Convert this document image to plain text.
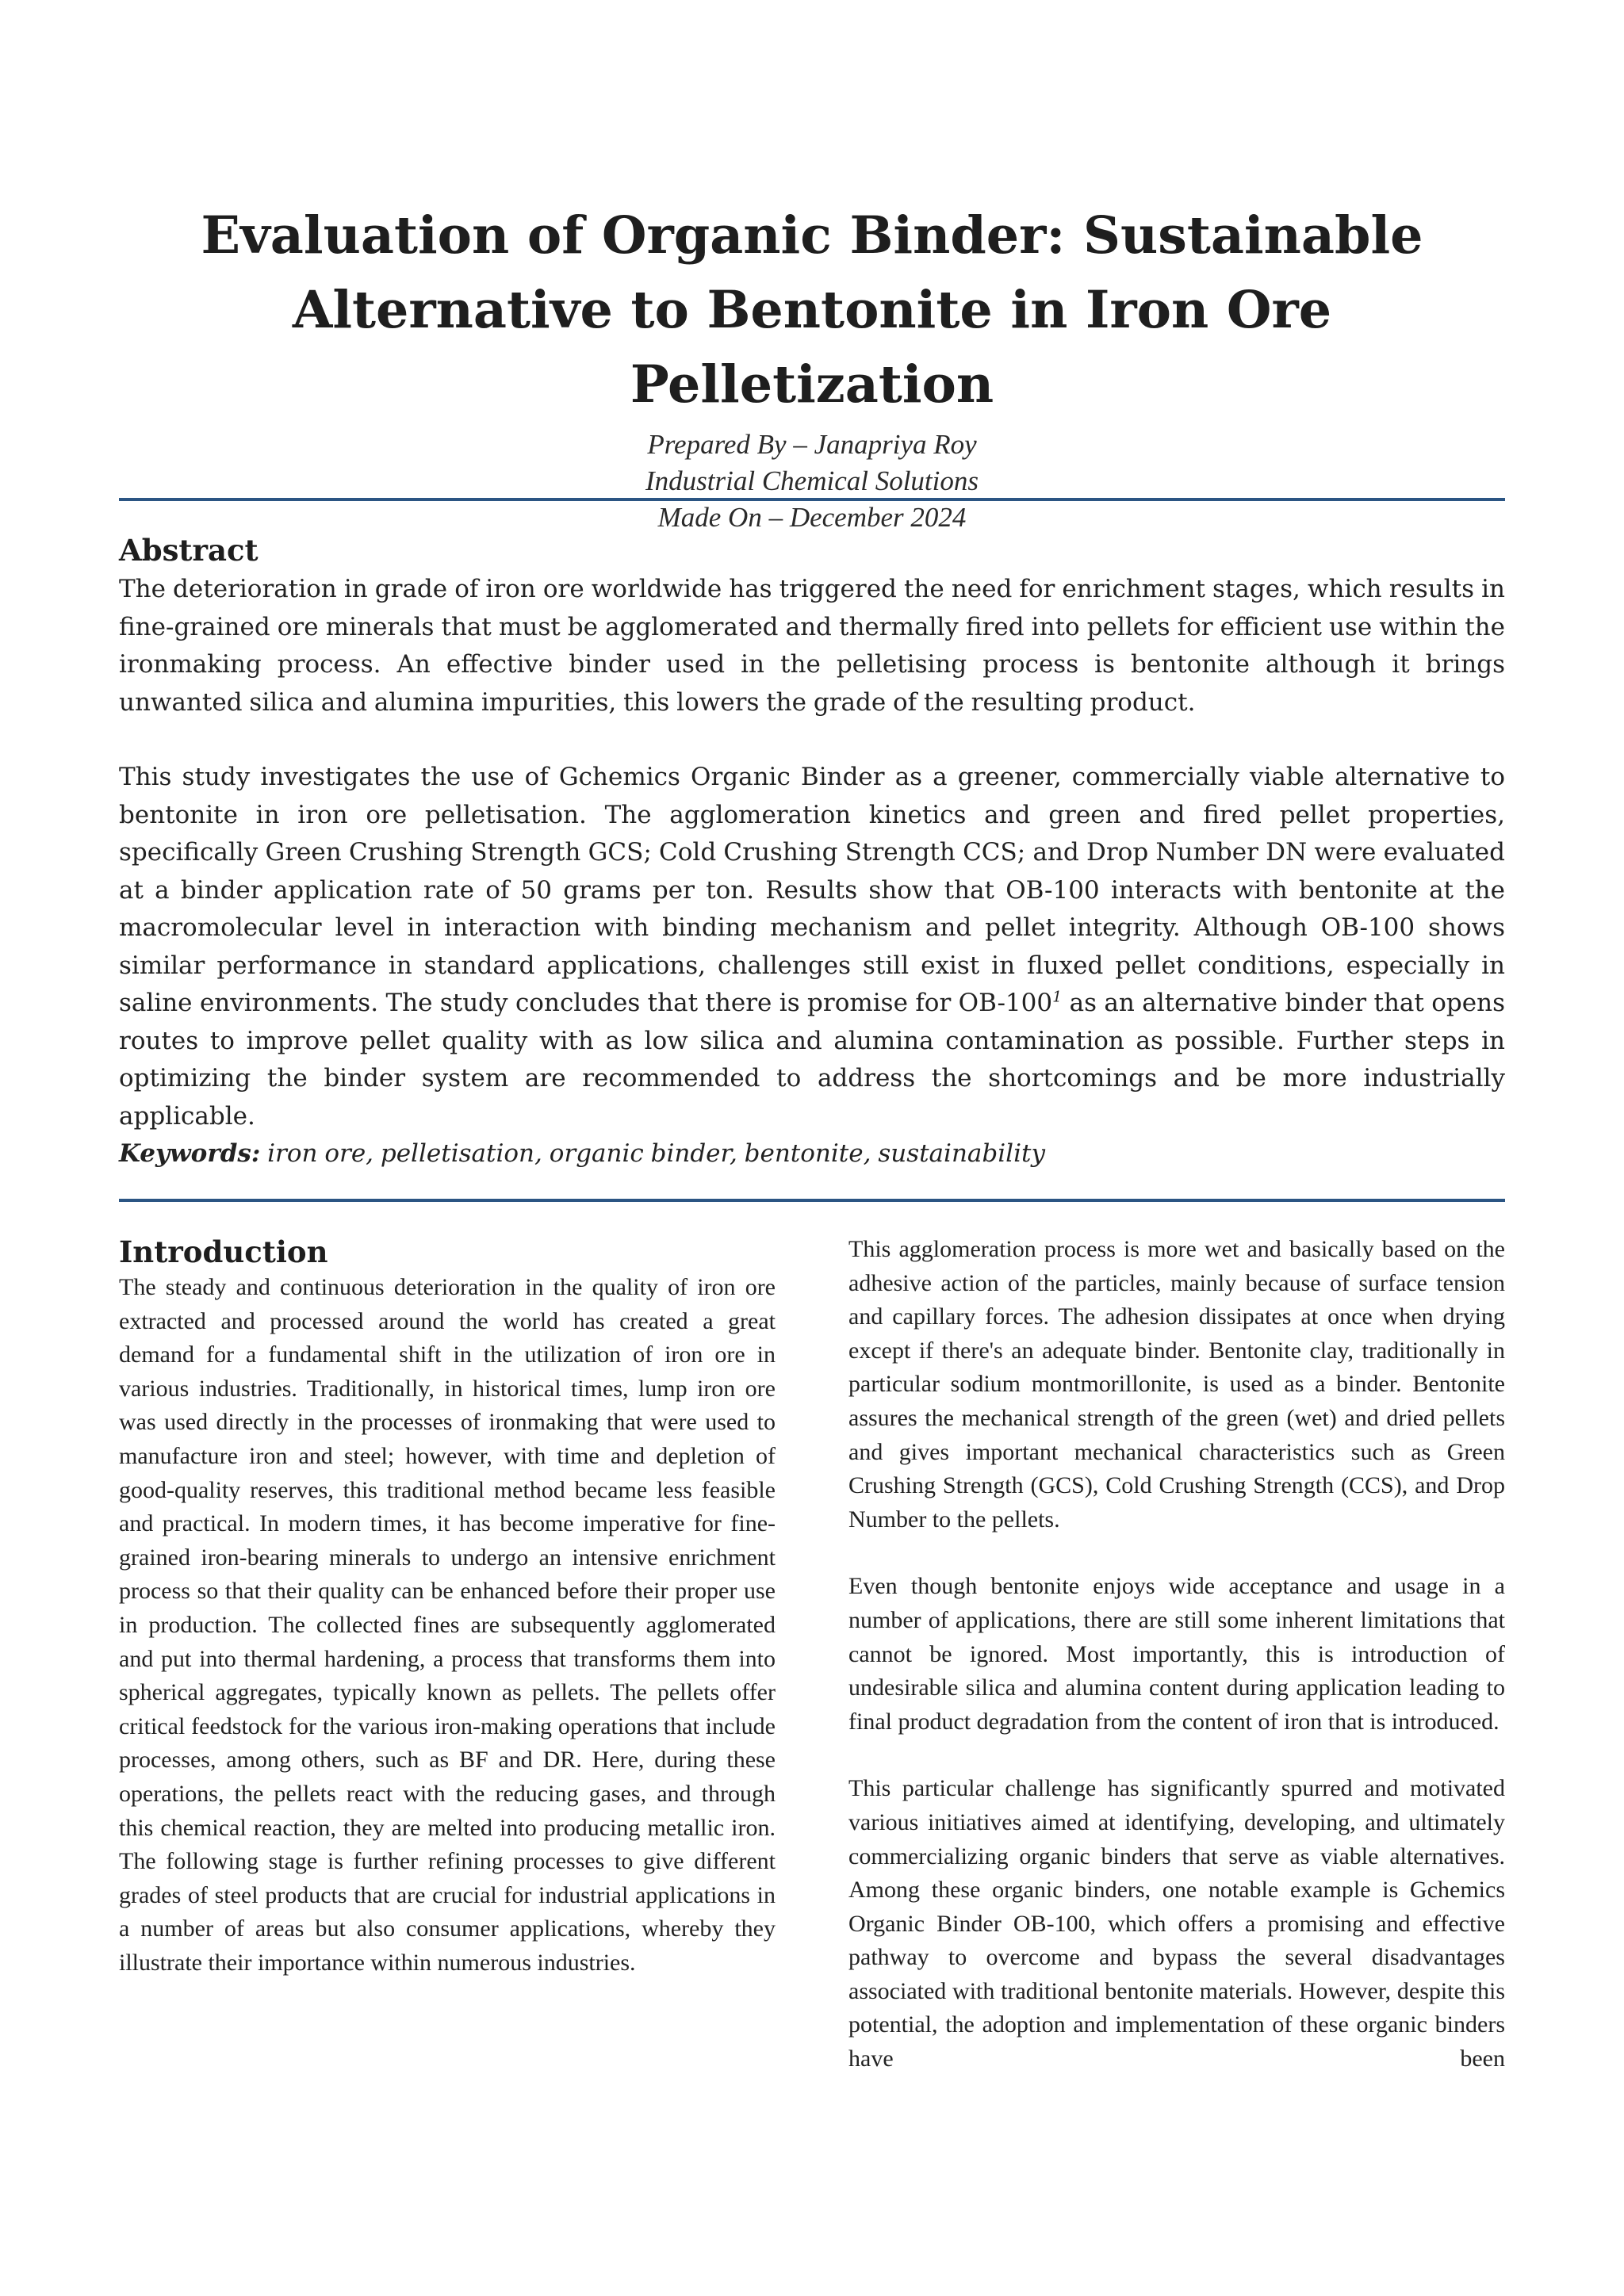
Evaluation of Organic Binder: Sustainable
Alternative to Bentonite in Iron Ore Pelletization

Prepared By – Janapriya Roy

Industrial Chemical Solutions

Made On – December 2024

Abstract

The deterioration in grade of iron ore worldwide has triggered the need for enrichment stages, which results in fine-grained ore minerals that must be agglomerated and thermally fired into pellets for efficient use within the ironmaking process. An effective binder used in the pelletising process is bentonite although it brings unwanted silica and alumina impurities, this lowers the grade of the resulting product.

This study investigates the use of Gchemics Organic Binder as a greener, commercially viable alternative to bentonite in iron ore pelletisation. The agglomeration kinetics and green and fired pellet properties, specifically Green Crushing Strength GCS; Cold Crushing Strength CCS; and Drop Number DN were evaluated at a binder application rate of 50 grams per ton. Results show that OB-100 interacts with bentonite at the macromolecular level in interaction with binding mechanism and pellet integrity. Although OB-100 shows similar performance in standard applications, challenges still exist in fluxed pellet conditions, especially in saline environments. The study concludes that there is promise for OB-100$^1$ as an alternative binder that opens routes to improve pellet quality with as low silica and alumina contamination as possible. Further steps in optimizing the binder system are recommended to address the shortcomings and be more industrially applicable.

Keywords: iron ore, pelletisation, organic binder, bentonite, sustainability

Introduction

The steady and continuous deterioration in the quality of iron ore extracted and processed around the world has created a great demand for a fundamental shift in the utilization of iron ore in various industries. Traditionally, in historical times, lump iron ore was used directly in the processes of ironmaking that were used to manufacture iron and steel; however, with time and depletion of good-quality reserves, this traditional method became less feasible and practical. In modern times, it has become imperative for fine-grained iron-bearing minerals to undergo an intensive enrichment process so that their quality can be enhanced before their proper use in production. The collected fines are subsequently agglomerated and put into thermal hardening, a process that transforms them into spherical aggregates, typically known as pellets. The pellets offer critical feedstock for the various iron-making operations that include processes, among others, such as BF and DR. Here, during these operations, the pellets react with the reducing gases, and through this chemical reaction, they are melted into producing metallic iron. The following stage is further refining processes to give different grades of steel products that are crucial for industrial applications in a number of areas but also consumer applications, whereby they illustrate their importance within numerous industries.

This agglomeration process is more wet and basically based on the adhesive action of the particles, mainly because of surface tension and capillary forces. The adhesion dissipates at once when drying except if there's an adequate binder. Bentonite clay, traditionally in particular sodium montmorillonite, is used as a binder. Bentonite assures the mechanical strength of the green (wet) and dried pellets and gives important mechanical characteristics such as Green Crushing Strength (GCS), Cold Crushing Strength (CCS), and Drop Number to the pellets.

Even though bentonite enjoys wide acceptance and usage in a number of applications, there are still some inherent limitations that cannot be ignored. Most importantly, this is introduction of undesirable silica and alumina content during application leading to final product degradation from the content of iron that is introduced.

This particular challenge has significantly spurred and motivated various initiatives aimed at identifying, developing, and ultimately commercializing organic binders that serve as viable alternatives. Among these organic binders, one notable example is Gchemics Organic Binder OB-100, which offers a promising and effective pathway to overcome and bypass the several disadvantages associated with traditional bentonite materials. However, despite this potential, the adoption and implementation of these organic binders have been
